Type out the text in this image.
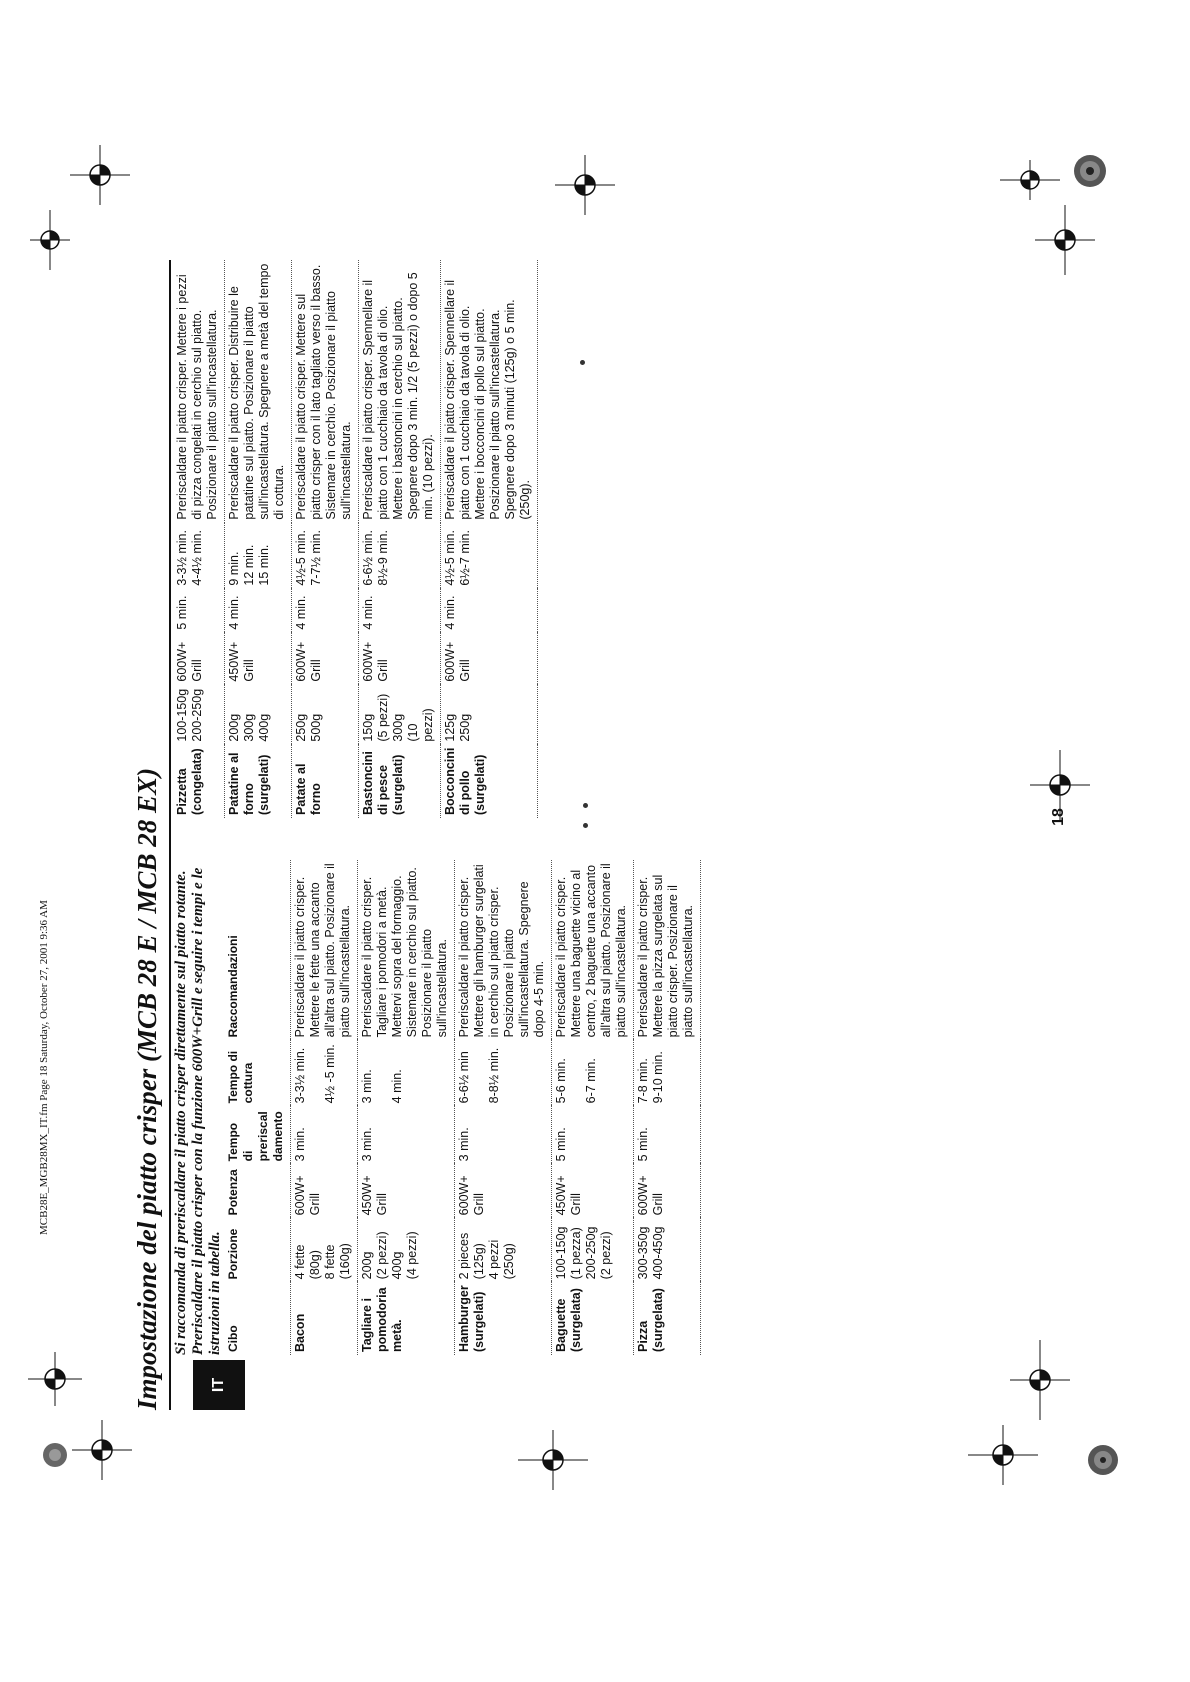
MCB28E_MGB28MX_IT.fm Page 18 Saturday, October 27, 2001 9:36 AM
18
Impostazione del piatto crisper (MCB 28 E / MCB 28 EX)	IT
Si raccomanda di preriscaldare il piatto crisper direttamente sul piatto rotante. Preriscaldare il piatto crisper con la funzione 600W+Grill e seguire i tempi e le istruzioni in tabella. Cibo	Porzione	Potenza	Tempo di preriscal damento	Tempo di cottura	Raccomandazioni
Bacon	4 fette
(80g)
8 fette
(160g)	600W+
Grill	3 min.	3-3½ min.

4½ -5 min.	Preriscaldare il piatto crisper. Mettere le fette una accanto all'altra sul piatto. Posizionare il piatto sull'incastellatura.
Tagliare i pomodoria metà.	200g
(2 pezzi)
400g
(4 pezzi)	450W+
Grill	3 min.	3 min.

4 min.	Preriscaldare il piatto crisper. Tagliare i pomodori a metà. Mettervi sopra del formaggio. Sistemare in cerchio sul piatto. Posizionare il piatto sull'incastellatura.
Hamburger (surgelati)	2 pieces
(125g)
4 pezzi
(250g)	600W+
Grill	3 min.	6-6½ min

8-8½ min.	Preriscaldare il piatto crisper. Mettere gli hamburger surgelati in cerchio sul piatto crisper. Posizionare il piatto sull'incastellatura. Spegnere dopo 4-5 min.
Baguette (surgelata)	100-150g
(1 pezza)
200-250g
(2 pezzi)	450W+
Grill	5 min.	5-6 min.

6-7 min.	Preriscaldare il piatto crisper. Mettere una baguette vicino al centro, 2 baguette una accanto all'altra sul piatto. Posizionare il piatto sull'incastellatura.
Pizza (surgelata)	300-350g
400-450g	600W+
Grill	5 min.	7-8 min.
9-10 min.	Preriscaldare il piatto crisper. Mettere la pizza surgelata sul piatto crisper. Posizionare il piatto sull'incastellatura.
Pizzetta (congelata)	100-150g
200-250g	600W+
Grill	5 min.	3-3½ min.
4-4½ min.	Preriscaldare il piatto crisper. Mettere i pezzi di pizza congelati in cerchio sul piatto. Posizionare il piatto sull'incastellatura.
Patatine al forno (surgelati)	200g
300g
400g	450W+
Grill	4 min.	9 min.
12 min.
15 min.	Preriscaldare il piatto crisper. Distribuire le patatine sul piatto. Posizionare il piatto sull'incastellatura. Spegnere a metà del tempo di cottura.
Patate al forno	250g
500g	600W+
Grill	4 min.	4½-5 min.
7-7½ min.	Preriscaldare il piatto crisper. Mettere sul piatto crisper con il lato tagliato verso il basso. Sistemare in cerchio. Posizionare il piatto sull'incastellatura.
Bastoncini di pesce (surgelati)	150g
(5 pezzi)
300g
(10 pezzi)	600W+
Grill	4 min.	6-6½ min.
8½-9 min.	Preriscaldare il piatto crisper. Spennellare il piatto con 1 cucchiaio da tavola di olio. Mettere i bastoncini in cerchio sul piatto. Spegnere dopo 3 min. 1/2 (5 pezzi) o dopo 5 min. (10 pezzi).
Bocconcini di pollo (surgelati)	125g
250g	600W+
Grill	4 min.	4½-5 min.
6½-7 min.	Preriscaldare il piatto crisper. Spennellare il piatto con 1 cucchiaio da tavola di olio. Mettere i bocconcini di pollo sul piatto. Posizionare il piatto sull'incastellatura. Spegnere dopo 3 minuti (125g) o 5 min. (250g).
